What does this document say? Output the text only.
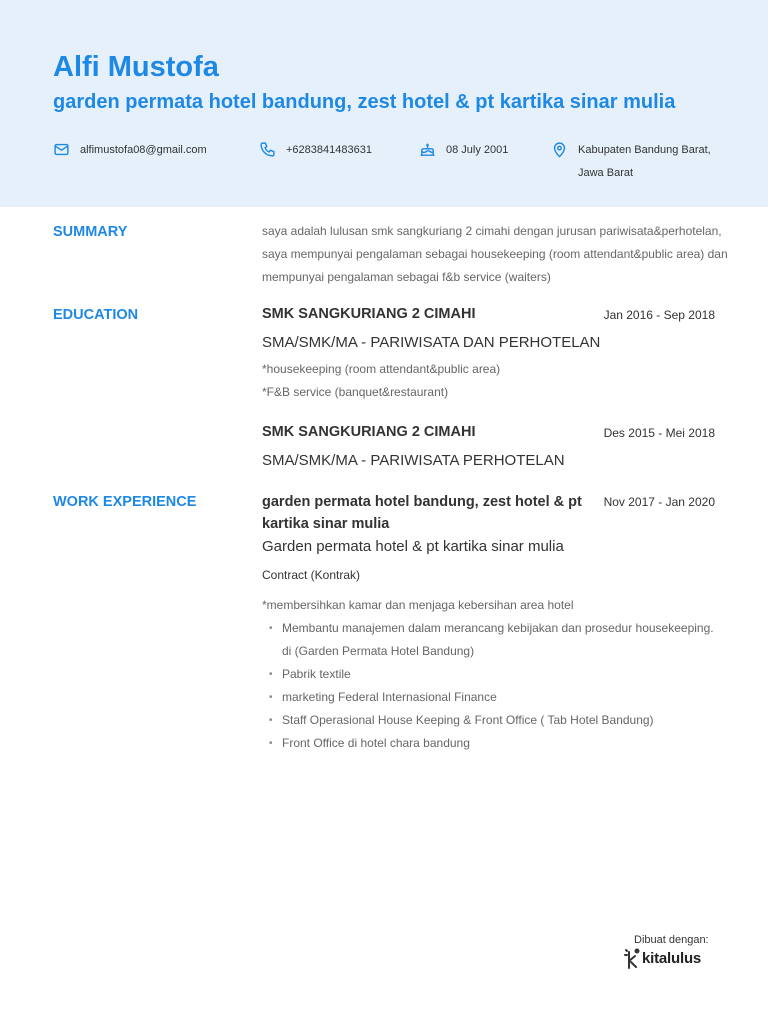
Alfi Mustofa
garden permata hotel bandung, zest hotel & pt kartika sinar mulia
alfimustofa08@gmail.com	+6283841483631	08 July 2001	Kabupaten Bandung Barat, Jawa Barat
SUMMARY	saya adalah lulusan smk sangkuriang 2 cimahi dengan jurusan pariwisata&perhotelan, saya mempunyai pengalaman sebagai housekeeping (room attendant&public area) dan mempunyai pengalaman sebagai f&b service (waiters)
EDUCATION	SMK SANGKURIANG 2 CIMAHI	Jan 2016 - Sep 2018
SMA/SMK/MA - PARIWISATA DAN PERHOTELAN
*housekeeping (room attendant&public area)
*F&B service (banquet&restaurant)
SMK SANGKURIANG 2 CIMAHI	Des 2015 - Mei 2018
SMA/SMK/MA - PARIWISATA PERHOTELAN
WORK EXPERIENCE	garden permata hotel bandung, zest hotel & pt kartika sinar mulia
Nov 2017 - Jan 2020
Garden permata hotel & pt kartika sinar mulia
Contract (Kontrak)
*membersihkan kamar dan menjaga kebersihan area hotel
• Membantu manajemen dalam merancang kebijakan dan prosedur housekeeping. di (Garden Permata Hotel Bandung)
• Pabrik textile
• marketing Federal Internasional Finance
• Staff Operasional House Keeping & Front Office ( Tab Hotel Bandung)
• Front Office di hotel chara bandung
Dibuat dengan:
kitalulus
